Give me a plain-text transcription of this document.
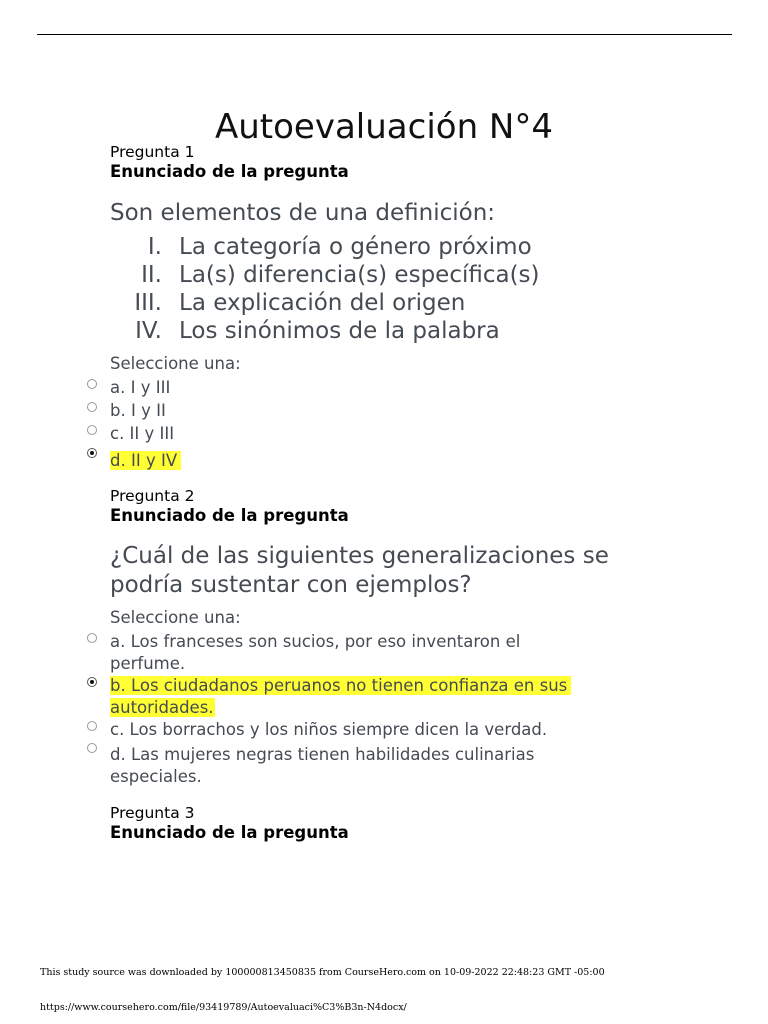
Autoevaluación N°4
Pregunta 1
Enunciado de la pregunta
Son elementos de una definición:
I. La categoría o género próximo
II. La(s) diferencia(s) específica(s)
III. La explicación del origen
IV. Los sinónimos de la palabra
Seleccione una:
a. I y III
b. I y II
c. II y III
d. II y IV
Pregunta 2
Enunciado de la pregunta
¿Cuál de las siguientes generalizaciones se
podría sustentar con ejemplos?
Seleccione una:
a. Los franceses son sucios, por eso inventaron el
perfume.
b. Los ciudadanos peruanos no tienen confianza en sus
autoridades.
c. Los borrachos y los niños siempre dicen la verdad.
d. Las mujeres negras tienen habilidades culinarias
especiales.
Pregunta 3
Enunciado de la pregunta
This study source was downloaded by 100000813450835 from CourseHero.com on 10-09-2022 22:48:23 GMT -05:00
https://www.coursehero.com/file/93419789/Autoevaluaci%C3%B3n-N4docx/
